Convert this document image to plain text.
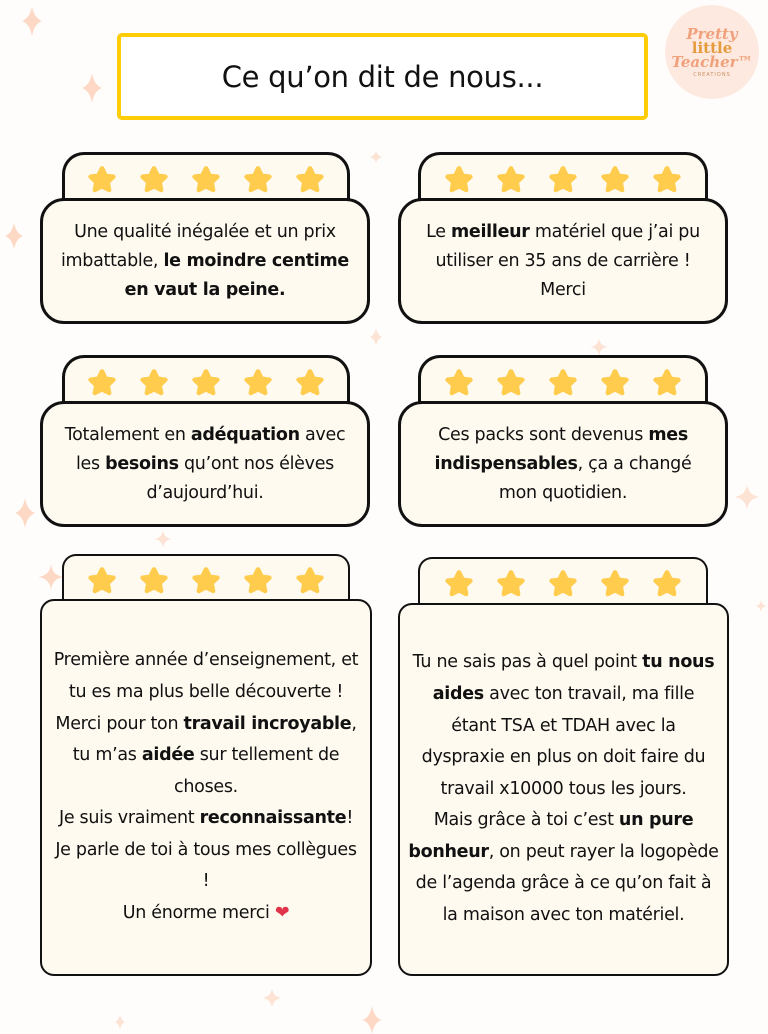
Pretty
little
Teacher™
CREATIONS
Ce qu’on dit de nous...

Une qualité inégalée et un prix imbattable, le moindre centime en vaut la peine.

Le meilleur matériel que j’ai pu utiliser en 35 ans de carrière ! Merci

Totalement en adéquation avec les besoins qu’ont nos élèves d’aujourd’hui.

Ces packs sont devenus mes indispensables, ça a changé mon quotidien.

Première année d’enseignement, et tu es ma plus belle découverte !
Merci pour ton travail incroyable, tu m’as aidée sur tellement de choses.
Je suis vraiment reconnaissante!
Je parle de toi à tous mes collègues !
Un énorme merci ❤

Tu ne sais pas à quel point tu nous aides avec ton travail, ma fille étant TSA et TDAH avec la dyspraxie en plus on doit faire du travail x10000 tous les jours.
Mais grâce à toi c’est un pure bonheur, on peut rayer la logopède de l’agenda grâce à ce qu’on fait à la maison avec ton matériel.
